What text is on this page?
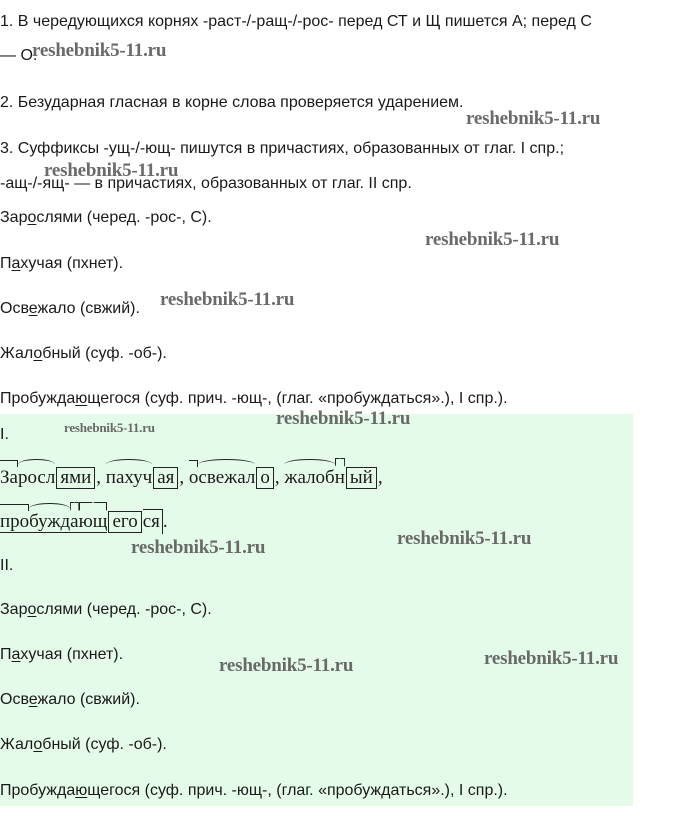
1. В чередующихся корнях -раст-/-ращ-/-рос- перед СТ и Щ пишется А; перед С
— О.
2. Безударная гласная в корне слова проверяется ударением.
3. Суффиксы -ущ-/-ющ- пишутся в причастиях, образованных от глаг. I спр.;
-ащ-/-ящ- — в причастиях, образованных от глаг. II спр.
Зарослями (черед. -рос-, С).
Пахучая (пхнет).
Освежало (свжий).
Жалобный (суф. -об-).
Пробуждающегося (суф. прич. -ющ-, (глаг. «пробуждаться».), I спр.).
I.
Заросл ями , пахуч ая , освежал о , жалобн ый ,
пробуждающ его ся .
II.
Зарослями (черед. -рос-, С).
Пахучая (пхнет).
Освежало (свжий).
Жалобный (суф. -об-).
Пробуждающегося (суф. прич. -ющ-, (глаг. «пробуждаться».), I спр.).
reshebnik5-11.ru
reshebnik5-11.ru
reshebnik5-11.ru
reshebnik5-11.ru
reshebnik5-11.ru
reshebnik5-11.ru	reshebnik5-11.ru
reshebnik5-11.ru
reshebnik5-11.ru
reshebnik5-11.ru
reshebnik5-11.ru
